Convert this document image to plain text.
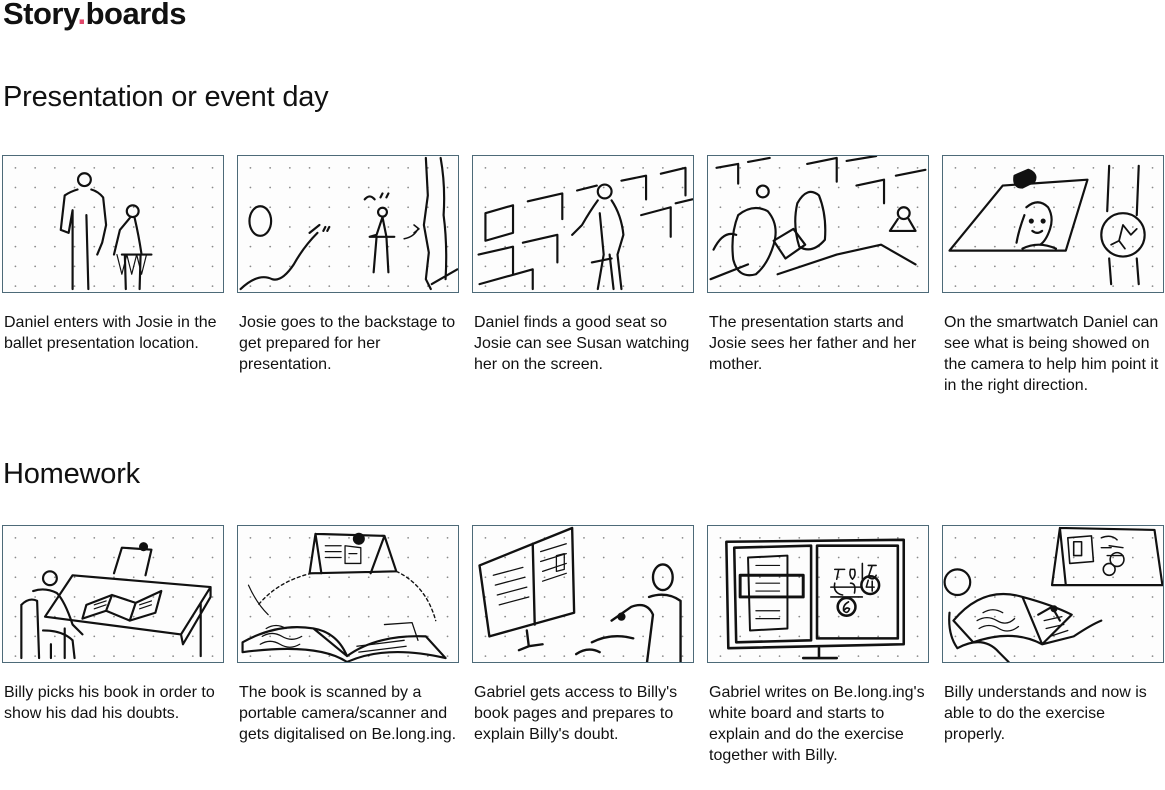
Story.boards
Presentation or event day

Daniel enters with Josie in the ballet presentation location.

Josie goes to the backstage to get prepared for her presentation.

Daniel finds a good seat so Josie can see Susan watching her on the screen.

The presentation starts and Josie sees her father and her mother.

On the smartwatch Daniel can see what is being showed on the camera to help him point it in the right direction.

Homework

Billy picks his book in order to show his dad his doubts.

The book is scanned by a portable camera/scanner and gets digitalised on Be.long.ing.

Gabriel gets access to Billy's book pages and prepares to explain Billy's doubt.

Gabriel writes on Be.long.ing's white board and starts to explain and do the exercise together with Billy.

Billy understands and now is able to do the exercise properly.
